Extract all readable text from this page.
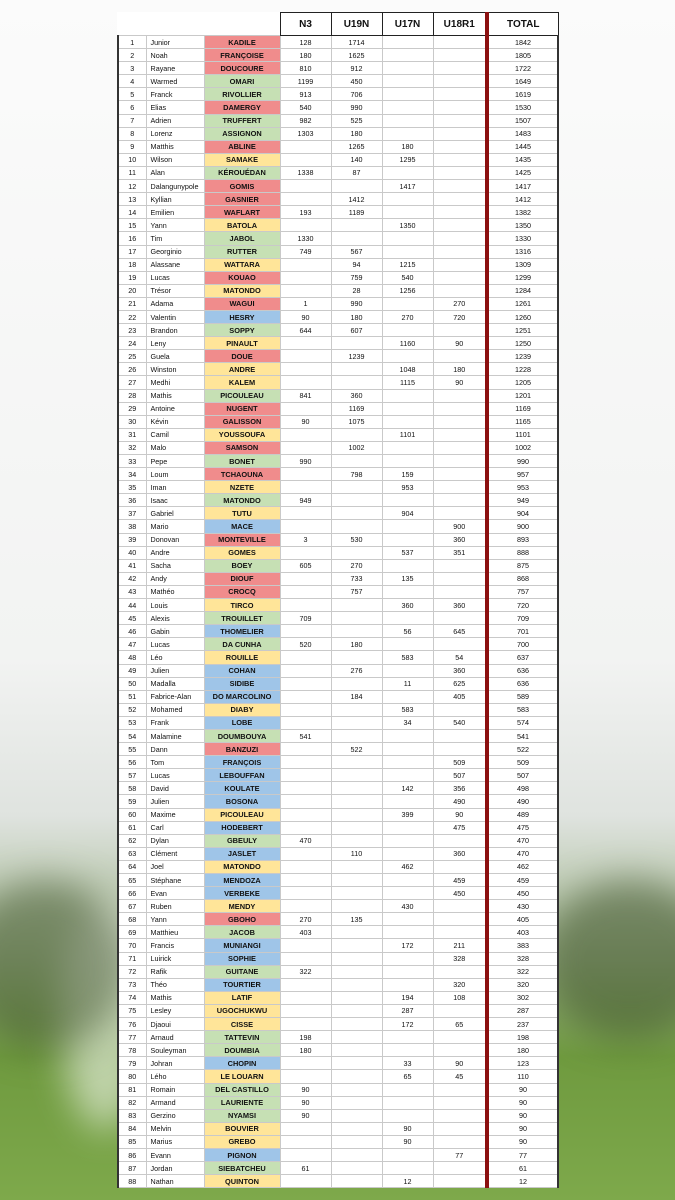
			N3	U19N	U17N	U18R1	TOTAL
1	Junior	KADILE	128	1714			1842
2	Noah	FRANÇOISE	180	1625			1805
3	Rayane	DOUCOURE	810	912			1722
4	Warmed	OMARI	1199	450			1649
5	Franck	RIVOLLIER	913	706			1619
6	Elias	DAMERGY	540	990			1530
7	Adrien	TRUFFERT	982	525			1507
8	Lorenz	ASSIGNON	1303	180			1483
9	Matthis	ABLINE		1265	180		1445
10	Wilson	SAMAKE		140	1295		1435
11	Alan	KÉROUÉDAN	1338	87			1425
12	Dalangunypole	GOMIS			1417		1417
13	Kyllian	GASNIER		1412			1412
14	Emilien	WAFLART	193	1189			1382
15	Yann	BATOLA			1350		1350
16	Tim	JABOL	1330				1330
17	Georginio	RUTTER	749	567			1316
18	Alassane	WATTARA		94	1215		1309
19	Lucas	KOUAO		759	540		1299
20	Trésor	MATONDO		28	1256		1284
21	Adama	WAGUI	1	990		270	1261
22	Valentin	HESRY	90	180	270	720	1260
23	Brandon	SOPPY	644	607			1251
24	Leny	PINAULT			1160	90	1250
25	Guela	DOUE		1239			1239
26	Winston	ANDRE			1048	180	1228
27	Medhi	KALEM			1115	90	1205
28	Mathis	PICOULEAU	841	360			1201
29	Antoine	NUGENT		1169			1169
30	Kévin	GALISSON	90	1075			1165
31	Camil	YOUSSOUFA			1101		1101
32	Malo	SAMSON		1002			1002
33	Pepe	BONET	990				990
34	Loum	TCHAOUNA		798	159		957
35	Iman	NZETE			953		953
36	Isaac	MATONDO	949				949
37	Gabriel	TUTU			904		904
38	Mario	MACE				900	900
39	Donovan	MONTEVILLE	3	530		360	893
40	Andre	GOMES			537	351	888
41	Sacha	BOEY	605	270			875
42	Andy	DIOUF		733	135		868
43	Mathéo	CROCQ		757			757
44	Louis	TIRCO			360	360	720
45	Alexis	TROUILLET	709				709
46	Gabin	THOMELIER			56	645	701
47	Lucas	DA CUNHA	520	180			700
48	Léo	ROUILLE			583	54	637
49	Julien	COHAN		276		360	636
50	Madalla	SIDIBE			11	625	636
51	Fabrice-Alan	DO MARCOLINO		184		405	589
52	Mohamed	DIABY			583		583
53	Frank	LOBE			34	540	574
54	Malamine	DOUMBOUYA	541				541
55	Dann	BANZUZI		522			522
56	Tom	FRANÇOIS				509	509
57	Lucas	LEBOUFFAN				507	507
58	David	KOULATE			142	356	498
59	Julien	BOSONA				490	490
60	Maxime	PICOULEAU			399	90	489
61	Carl	HODEBERT				475	475
62	Dylan	GBEULY	470				470
63	Clément	JASLET		110		360	470
64	Joel	MATONDO			462		462
65	Stéphane	MENDOZA				459	459
66	Evan	VERBEKE				450	450
67	Ruben	MENDY			430		430
68	Yann	GBOHO	270	135			405
69	Matthieu	JACOB	403				403
70	Francis	MUNIANGI			172	211	383
71	Luirick	SOPHIE				328	328
72	Rafik	GUITANE	322				322
73	Théo	TOURTIER				320	320
74	Mathis	LATIF			194	108	302
75	Lesley	UGOCHUKWU			287		287
76	Djaoui	CISSE			172	65	237
77	Arnaud	TATTEVIN	198				198
78	Souleyman	DOUMBIA	180				180
79	Johran	CHOPIN			33	90	123
80	Lého	LE LOUARN			65	45	110
81	Romain	DEL CASTILLO	90				90
82	Armand	LAURIENTE	90				90
83	Gerzino	NYAMSI	90				90
84	Melvin	BOUVIER			90		90
85	Marius	GREBO			90		90
86	Evann	PIGNON				77	77
87	Jordan	SIEBATCHEU	61				61
88	Nathan	QUINTON			12		12
